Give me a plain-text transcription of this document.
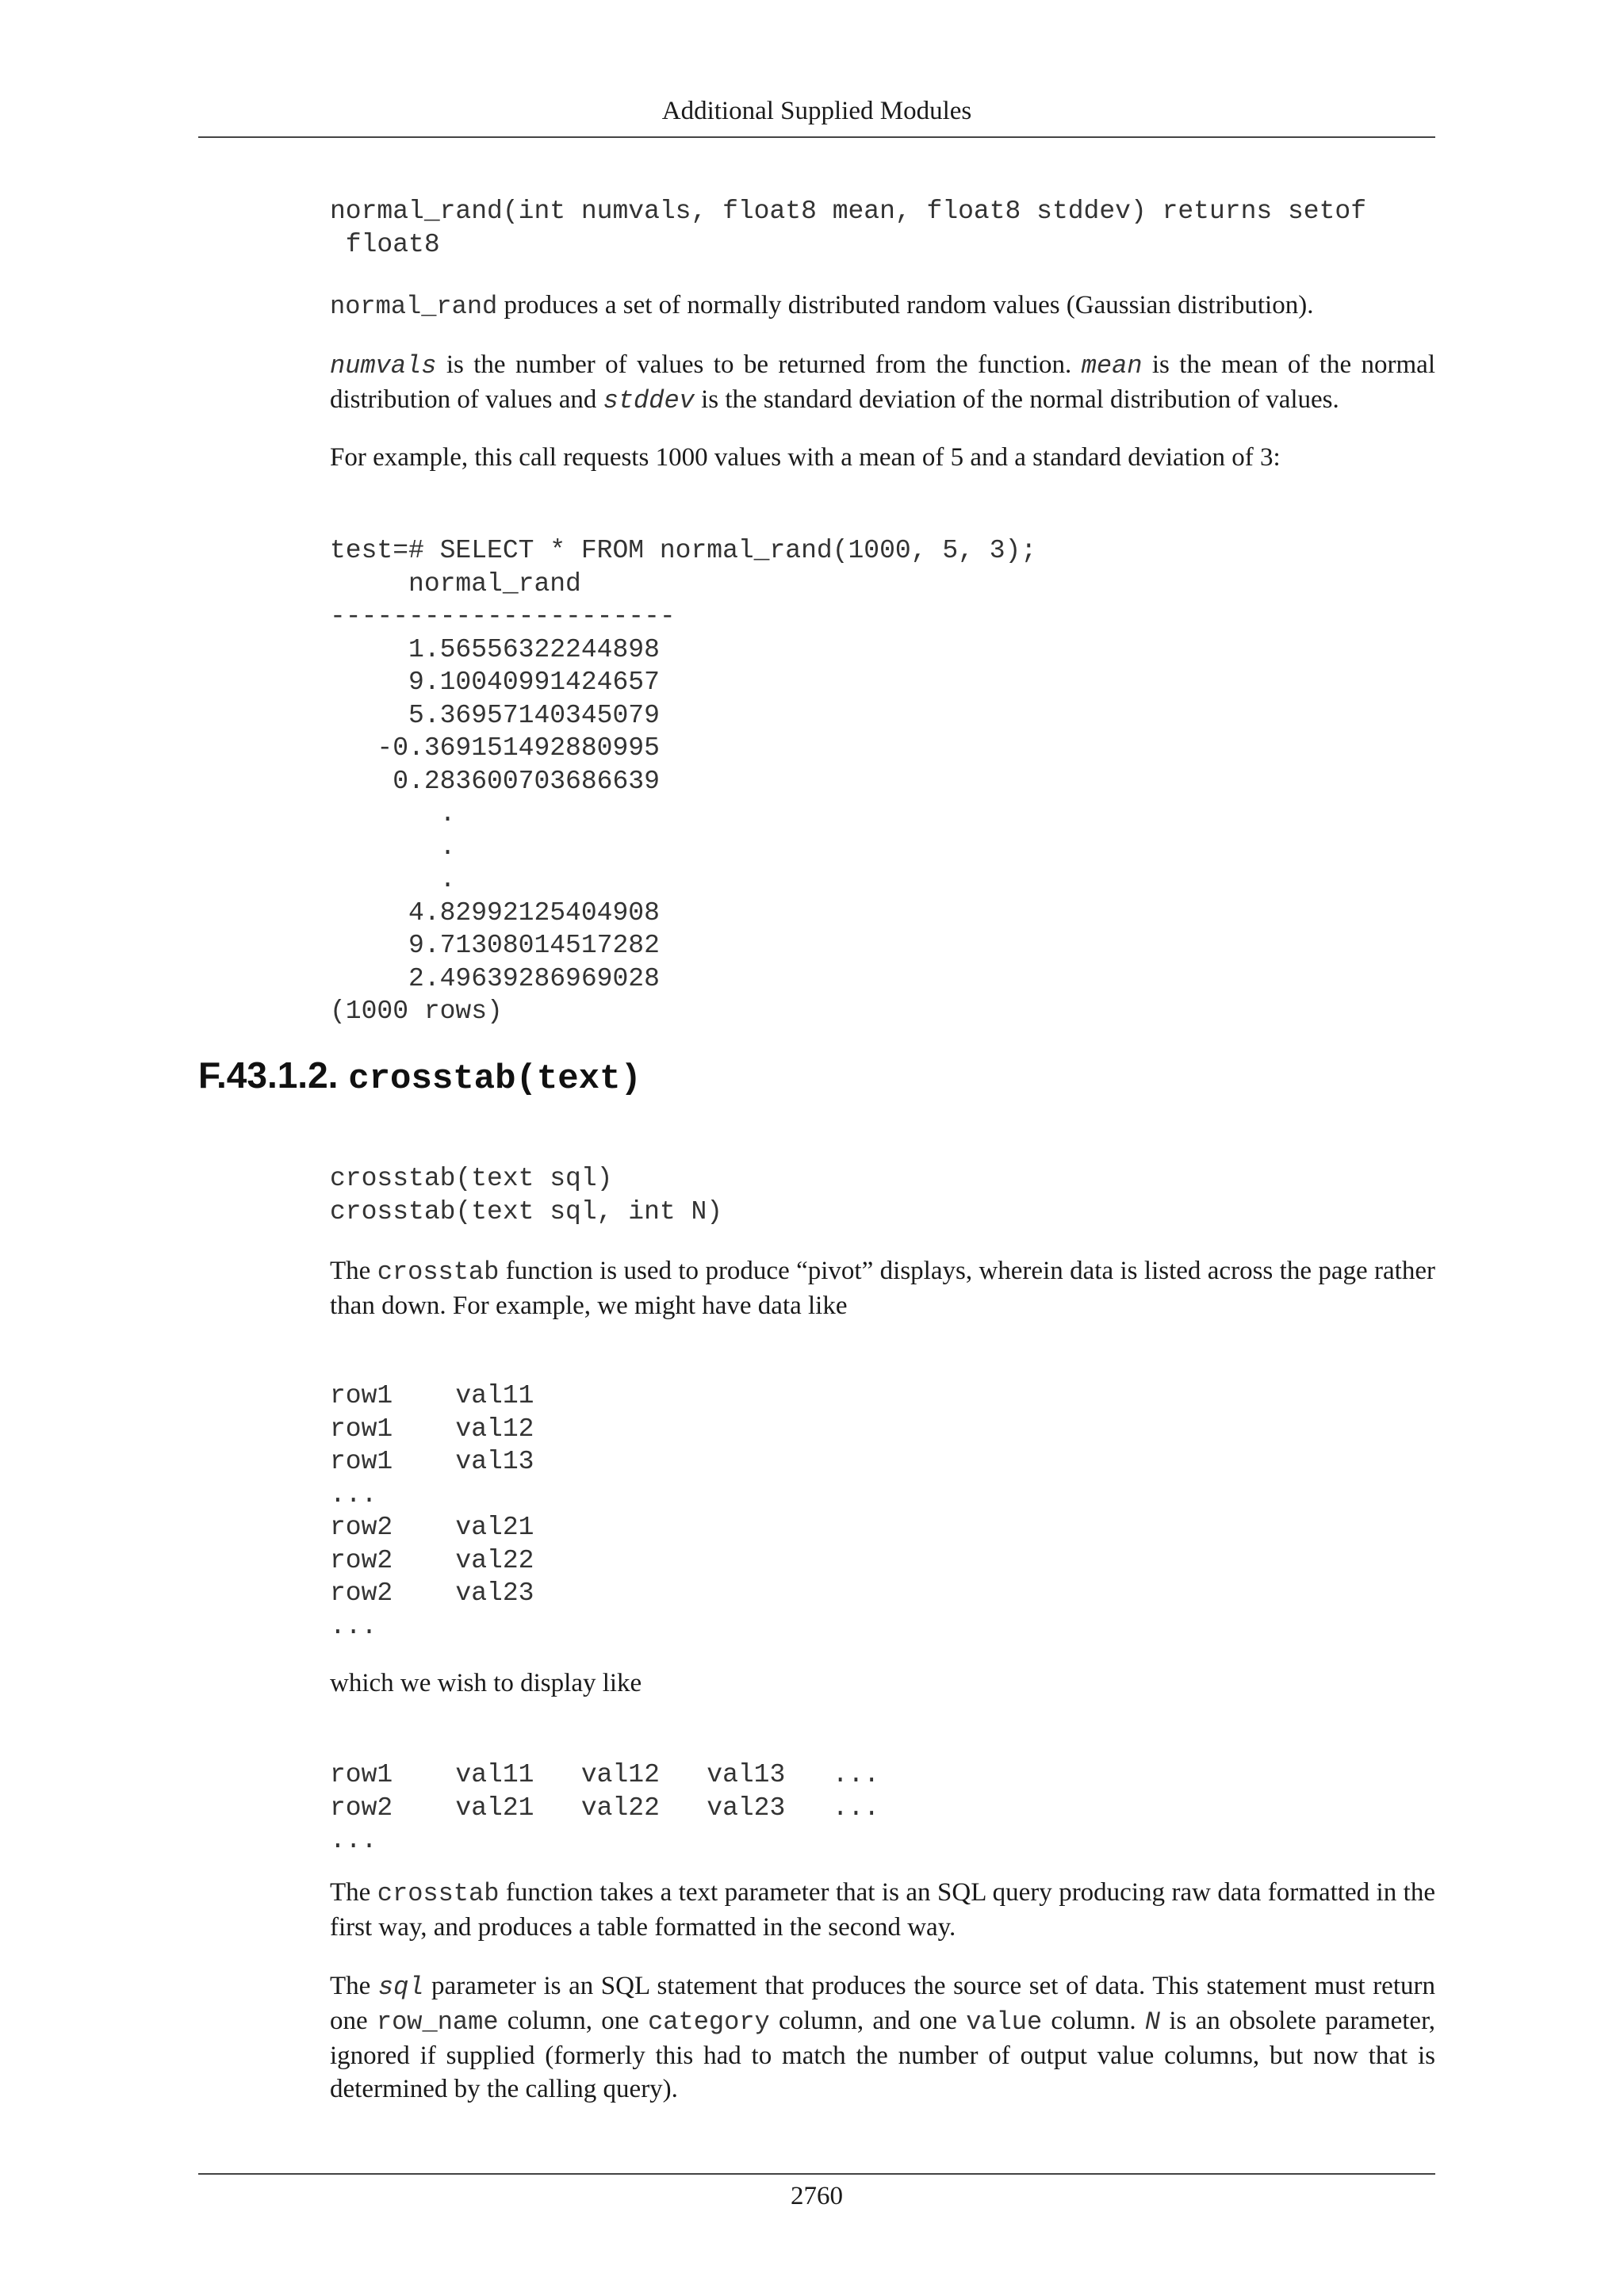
Additional Supplied Modules
normal_rand(int numvals, float8 mean, float8 stddev) returns setof
float8

normal_rand produces a set of normally distributed random values (Gaussian distribution).

numvals is the number of values to be returned from the function. mean is the mean of the normal distribution of values and stddev is the standard deviation of the normal distribution of values.

For example, this call requests 1000 values with a mean of 5 and a standard deviation of 3:

test=# SELECT * FROM normal_rand(1000, 5, 3);
normal_rand
----------------------
1.56556322244898
9.10040991424657
5.36957140345079
-0.369151492880995
0.283600703686639
.
.
.
4.82992125404908
9.71308014517282
2.49639286969028
(1000 rows)
F.43.1.2. crosstab(text)
crosstab(text sql)
crosstab(text sql, int N)

The crosstab function is used to produce “pivot” displays, wherein data is listed across the page rather than down. For example, we might have data like

row1    val11
row1    val12
row1    val13
...
row2    val21
row2    val22
row2    val23
...

which we wish to display like

row1    val11   val12   val13   ...
row2    val21   val22   val23   ...
...

The crosstab function takes a text parameter that is an SQL query producing raw data formatted in the first way, and produces a table formatted in the second way.

The sql parameter is an SQL statement that produces the source set of data. This statement must return one row_name column, one category column, and one value column. N is an obsolete parameter, ignored if supplied (formerly this had to match the number of output value columns, but now that is determined by the calling query).

2760
